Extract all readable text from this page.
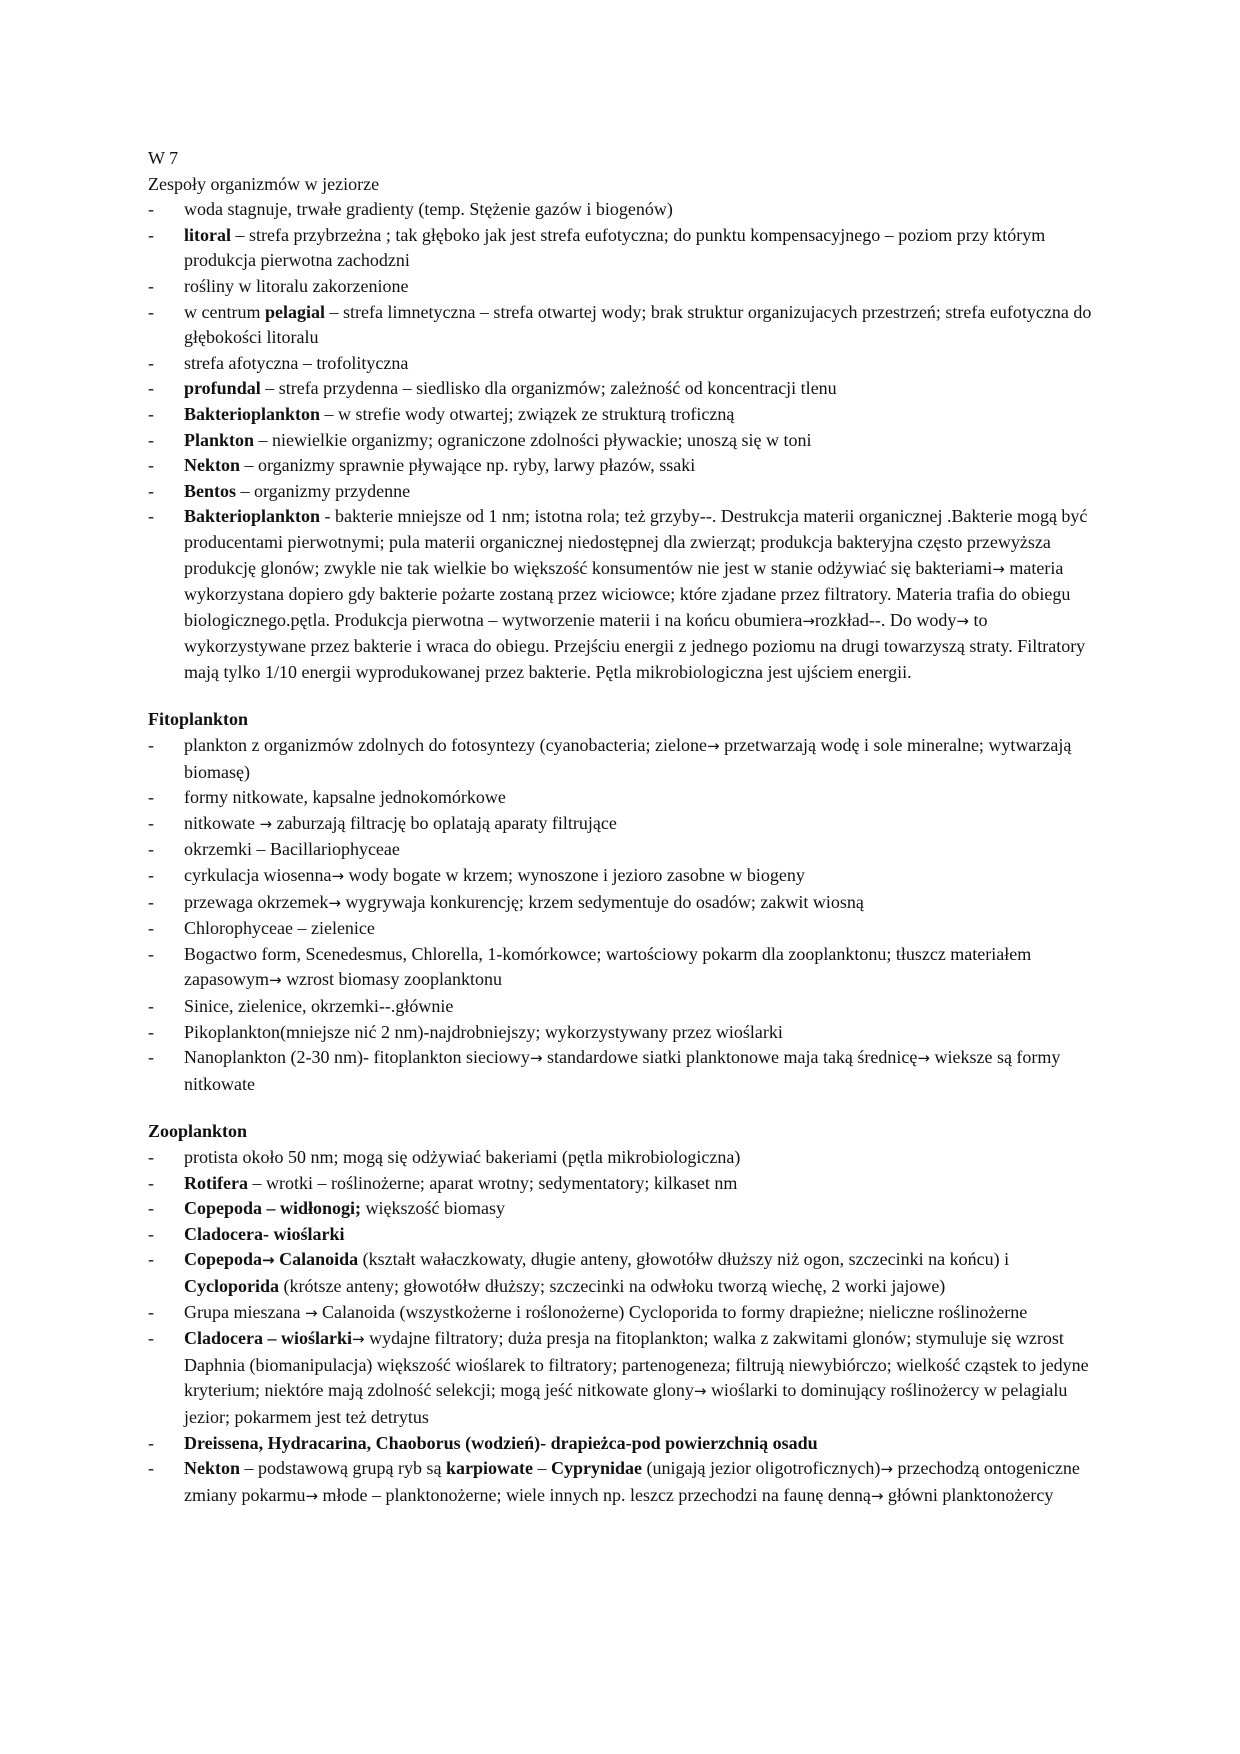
W 7
Zespoły organizmów w jeziorze
- woda stagnuje, trwałe gradienty (temp. Stężenie gazów i biogenów)
- litoral – strefa przybrzeżna ; tak głęboko jak jest strefa eufotyczna; do punktu kompensacyjnego – poziom przy którym produkcja pierwotna zachodzni
- rośliny w litoralu zakorzenione
- w centrum pelagial – strefa limnetyczna – strefa otwartej wody; brak struktur organizujacych przestrzeń; strefa eufotyczna do głębokości litoralu
- strefa afotyczna – trofolityczna
- profundal – strefa przydenna – siedlisko dla organizmów; zależność od koncentracji tlenu
- Bakterioplankton – w strefie wody otwartej; związek ze strukturą troficzną
- Plankton – niewielkie organizmy; ograniczone zdolności pływackie; unoszą się w toni
- Nekton – organizmy sprawnie pływające np. ryby, larwy płazów, ssaki
- Bentos – organizmy przydenne
- Bakterioplankton - bakterie mniejsze od 1 nm; istotna rola; też grzyby--. Destrukcja materii organicznej .Bakterie mogą być producentami pierwotnymi; pula materii organicznej niedostępnej dla zwierząt; produkcja bakteryjna często przewyższa produkcję glonów; zwykle nie tak wielkie bo większość konsumentów nie jest w stanie odżywiać się bakteriami→ materia wykorzystana dopiero gdy bakterie pożarte zostaną przez wiciowce; które zjadane przez filtratory. Materia trafia do obiegu biologicznego.pętla. Produkcja pierwotna – wytworzenie materii i na końcu obumiera→rozkład--. Do wody→ to wykorzystywane przez bakterie i wraca do obiegu. Przejściu energii z jednego poziomu na drugi towarzyszą straty. Filtratory mają tylko 1/10 energii wyprodukowanej przez bakterie. Pętla mikrobiologiczna jest ujściem energii.
Fitoplankton
- plankton z organizmów zdolnych do fotosyntezy (cyanobacteria; zielone→ przetwarzają wodę i sole mineralne; wytwarzają biomasę)
- formy nitkowate, kapsalne jednokomórkowe
- nitkowate → zaburzają filtrację bo oplatają aparaty filtrujące
- okrzemki – Bacillariophyceae
- cyrkulacja wiosenna→ wody bogate w krzem; wynoszone i jezioro zasobne w biogeny
- przewaga okrzemek→ wygrywaja konkurencję; krzem sedymentuje do osadów; zakwit wiosną
- Chlorophyceae – zielenice
- Bogactwo form, Scenedesmus, Chlorella, 1-komórkowce; wartościowy pokarm dla zooplanktonu; tłuszcz materiałem zapasowym→ wzrost biomasy zooplanktonu
- Sinice, zielenice, okrzemki--.głównie
- Pikoplankton(mniejsze nić 2 nm)-najdrobniejszy; wykorzystywany przez wioślarki
- Nanoplankton (2-30 nm)- fitoplankton sieciowy→ standardowe siatki planktonowe maja taką średnicę→ wieksze są formy nitkowate
Zooplankton
- protista około 50 nm; mogą się odżywiać bakeriami (pętla mikrobiologiczna)
- Rotifera – wrotki – roślinożerne; aparat wrotny; sedymentatory; kilkaset nm
- Copepoda – widłonogi; większość biomasy
- Cladocera- wioślarki
- Copepoda→ Calanoida (kształt wałaczkowaty, długie anteny, głowotółw dłuższy niż ogon, szczecinki na końcu) i Cycloporida (krótsze anteny; głowotółw dłuższy; szczecinki na odwłoku tworzą wiechę, 2 worki jajowe)
- Grupa mieszana → Calanoida (wszystkożerne i roślonożerne) Cycloporida to formy drapieżne; nieliczne roślinożerne
- Cladocera – wioślarki→ wydajne filtratory; duża presja na fitoplankton; walka z zakwitami glonów; stymuluje się wzrost Daphnia (biomanipulacja) większość wioślarek to filtratory; partenogeneza; filtrują niewybiórczo; wielkość cząstek to jedyne kryterium; niektóre mają zdolność selekcji; mogą jeść nitkowate glony→ wioślarki to dominujący roślinożercy w pelagialu jezior; pokarmem jest też detrytus
- Dreissena, Hydracarina, Chaoborus (wodzień)- drapieżca-pod powierzchnią osadu
- Nekton – podstawową grupą ryb są karpiowate – Cyprynidae (unigają jezior oligotroficznych)→ przechodzą ontogeniczne zmiany pokarmu→ młode – planktonożerne; wiele innych np. leszcz przechodzi na faunę denną→ główni planktonożercy
